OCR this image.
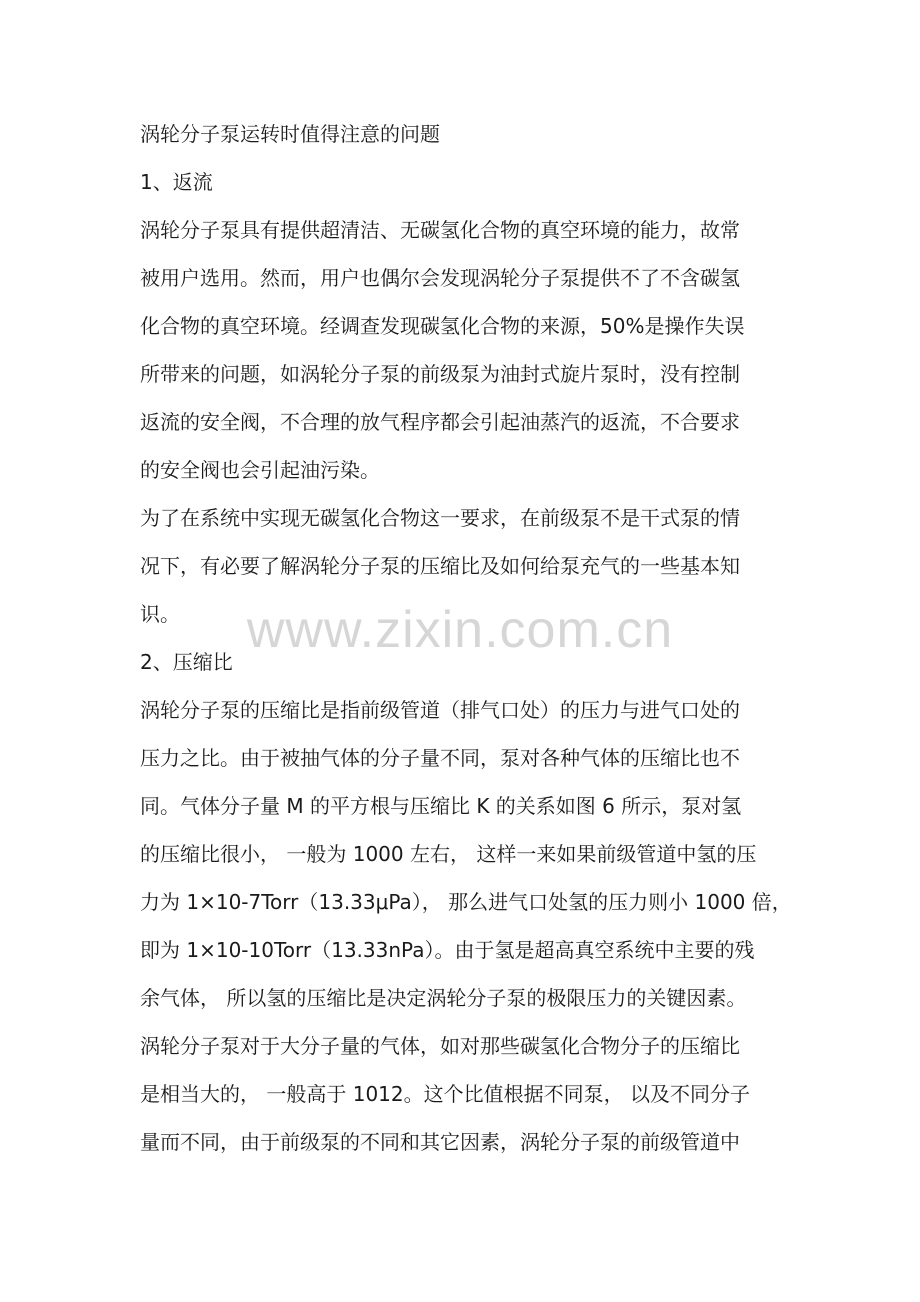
涡轮分子泵运转时值得注意的问题
1、返流
涡轮分子泵具有提供超清洁、无碳氢化合物的真空环境的能力，故常
被用户选用。然而，用户也偶尔会发现涡轮分子泵提供不了不含碳氢
化合物的真空环境。经调查发现碳氢化合物的来源，50%是操作失误
所带来的问题，如涡轮分子泵的前级泵为油封式旋片泵时，没有控制
返流的安全阀，不合理的放气程序都会引起油蒸汽的返流，不合要求
的安全阀也会引起油污染。
为了在系统中实现无碳氢化合物这一要求，在前级泵不是干式泵的情
况下，有必要了解涡轮分子泵的压缩比及如何给泵充气的一些基本知
识。
2、压缩比
涡轮分子泵的压缩比是指前级管道（排气口处）的压力与进气口处的
压力之比。由于被抽气体的分子量不同，泵对各种气体的压缩比也不
同。气体分子量 M 的平方根与压缩比 K 的关系如图 6 所示，泵对氢
的压缩比很小， 一般为 1000 左右， 这样一来如果前级管道中氢的压
力为 1×10-7Torr（13.33μPa）， 那么进气口处氢的压力则小 1000 倍，
即为 1×10-10Torr（13.33nPa）。由于氢是超高真空系统中主要的残
余气体， 所以氢的压缩比是决定涡轮分子泵的极限压力的关键因素。
涡轮分子泵对于大分子量的气体，如对那些碳氢化合物分子的压缩比
是相当大的， 一般高于 1012。这个比值根据不同泵， 以及不同分子
量而不同，由于前级泵的不同和其它因素，涡轮分子泵的前级管道中
www.zixin.com.cn
